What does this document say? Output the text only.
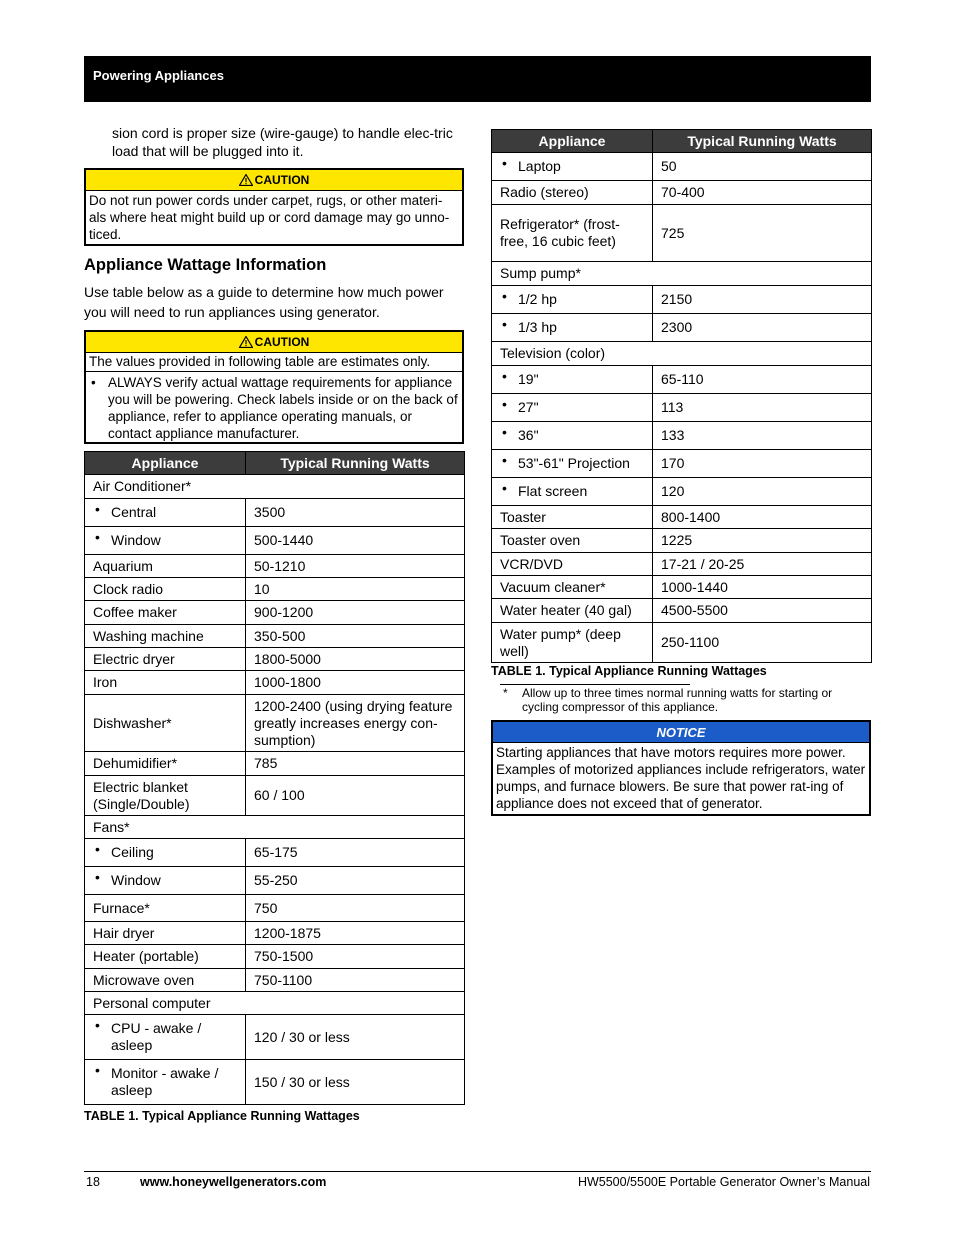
Powering Appliances
sion cord is proper size (wire-gauge) to handle elec-tric load that will be plugged into it.
CAUTION
Do not run power cords under carpet, rugs, or other materi-als where heat might build up or cord damage may go unno-ticed.
Appliance Wattage Information
Use table below as a guide to determine how much power you will need to run appliances using generator.
CAUTION
The values provided in following table are estimates only.
• ALWAYS verify actual wattage requirements for appliance you will be powering. Check labels inside or on the back of appliance, refer to appliance operating manuals, or contact appliance manufacturer.
Appliance	Typical Running Watts
Air Conditioner*	

• Central	3500

• Window	500-1440
Aquarium	50-1210
Clock radio	10
Coffee maker	900-1200
Washing machine	350-500
Electric dryer	1800-5000
Iron	1000-1800
Dishwasher*	1200-2400 (using drying feature greatly increases energy con-sumption)
Dehumidifier*	785
Electric blanket (Single/Double)	60 / 100
Fans*	

• Ceiling	65-175

• Window	55-250
Furnace*	750
Hair dryer	1200-1875
Heater (portable)	750-1500
Microwave oven	750-1100
Personal computer	

• CPU - awake / asleep	120 / 30 or less

• Monitor - awake / asleep	150 / 30 or less
TABLE 1. Typical Appliance Running Wattages
Appliance	Typical Running Watts

• Laptop	50
Radio (stereo)	70-400
Refrigerator* (frost-free, 16 cubic feet)	725
Sump pump*	

• 1/2 hp	2150

• 1/3 hp	2300
Television (color)	

• 19"	65-110

• 27"	113

• 36"	133

• 53"-61" Projection	170

• Flat screen	120
Toaster	800-1400
Toaster oven	1225
VCR/DVD	17-21 / 20-25
Vacuum cleaner*	1000-1440
Water heater (40 gal)	4500-5500
Water pump* (deep well)	250-1100
TABLE 1. Typical Appliance Running Wattages
*	Allow up to three times normal running watts for starting or cycling compressor of this appliance.
NOTICE
Starting appliances that have motors requires more power. Examples of motorized appliances include refrigerators, water pumps, and furnace blowers. Be sure that power rat-ing of appliance does not exceed that of generator.
18	www.honeywellgenerators.com	HW5500/5500E Portable Generator Owner’s Manual
